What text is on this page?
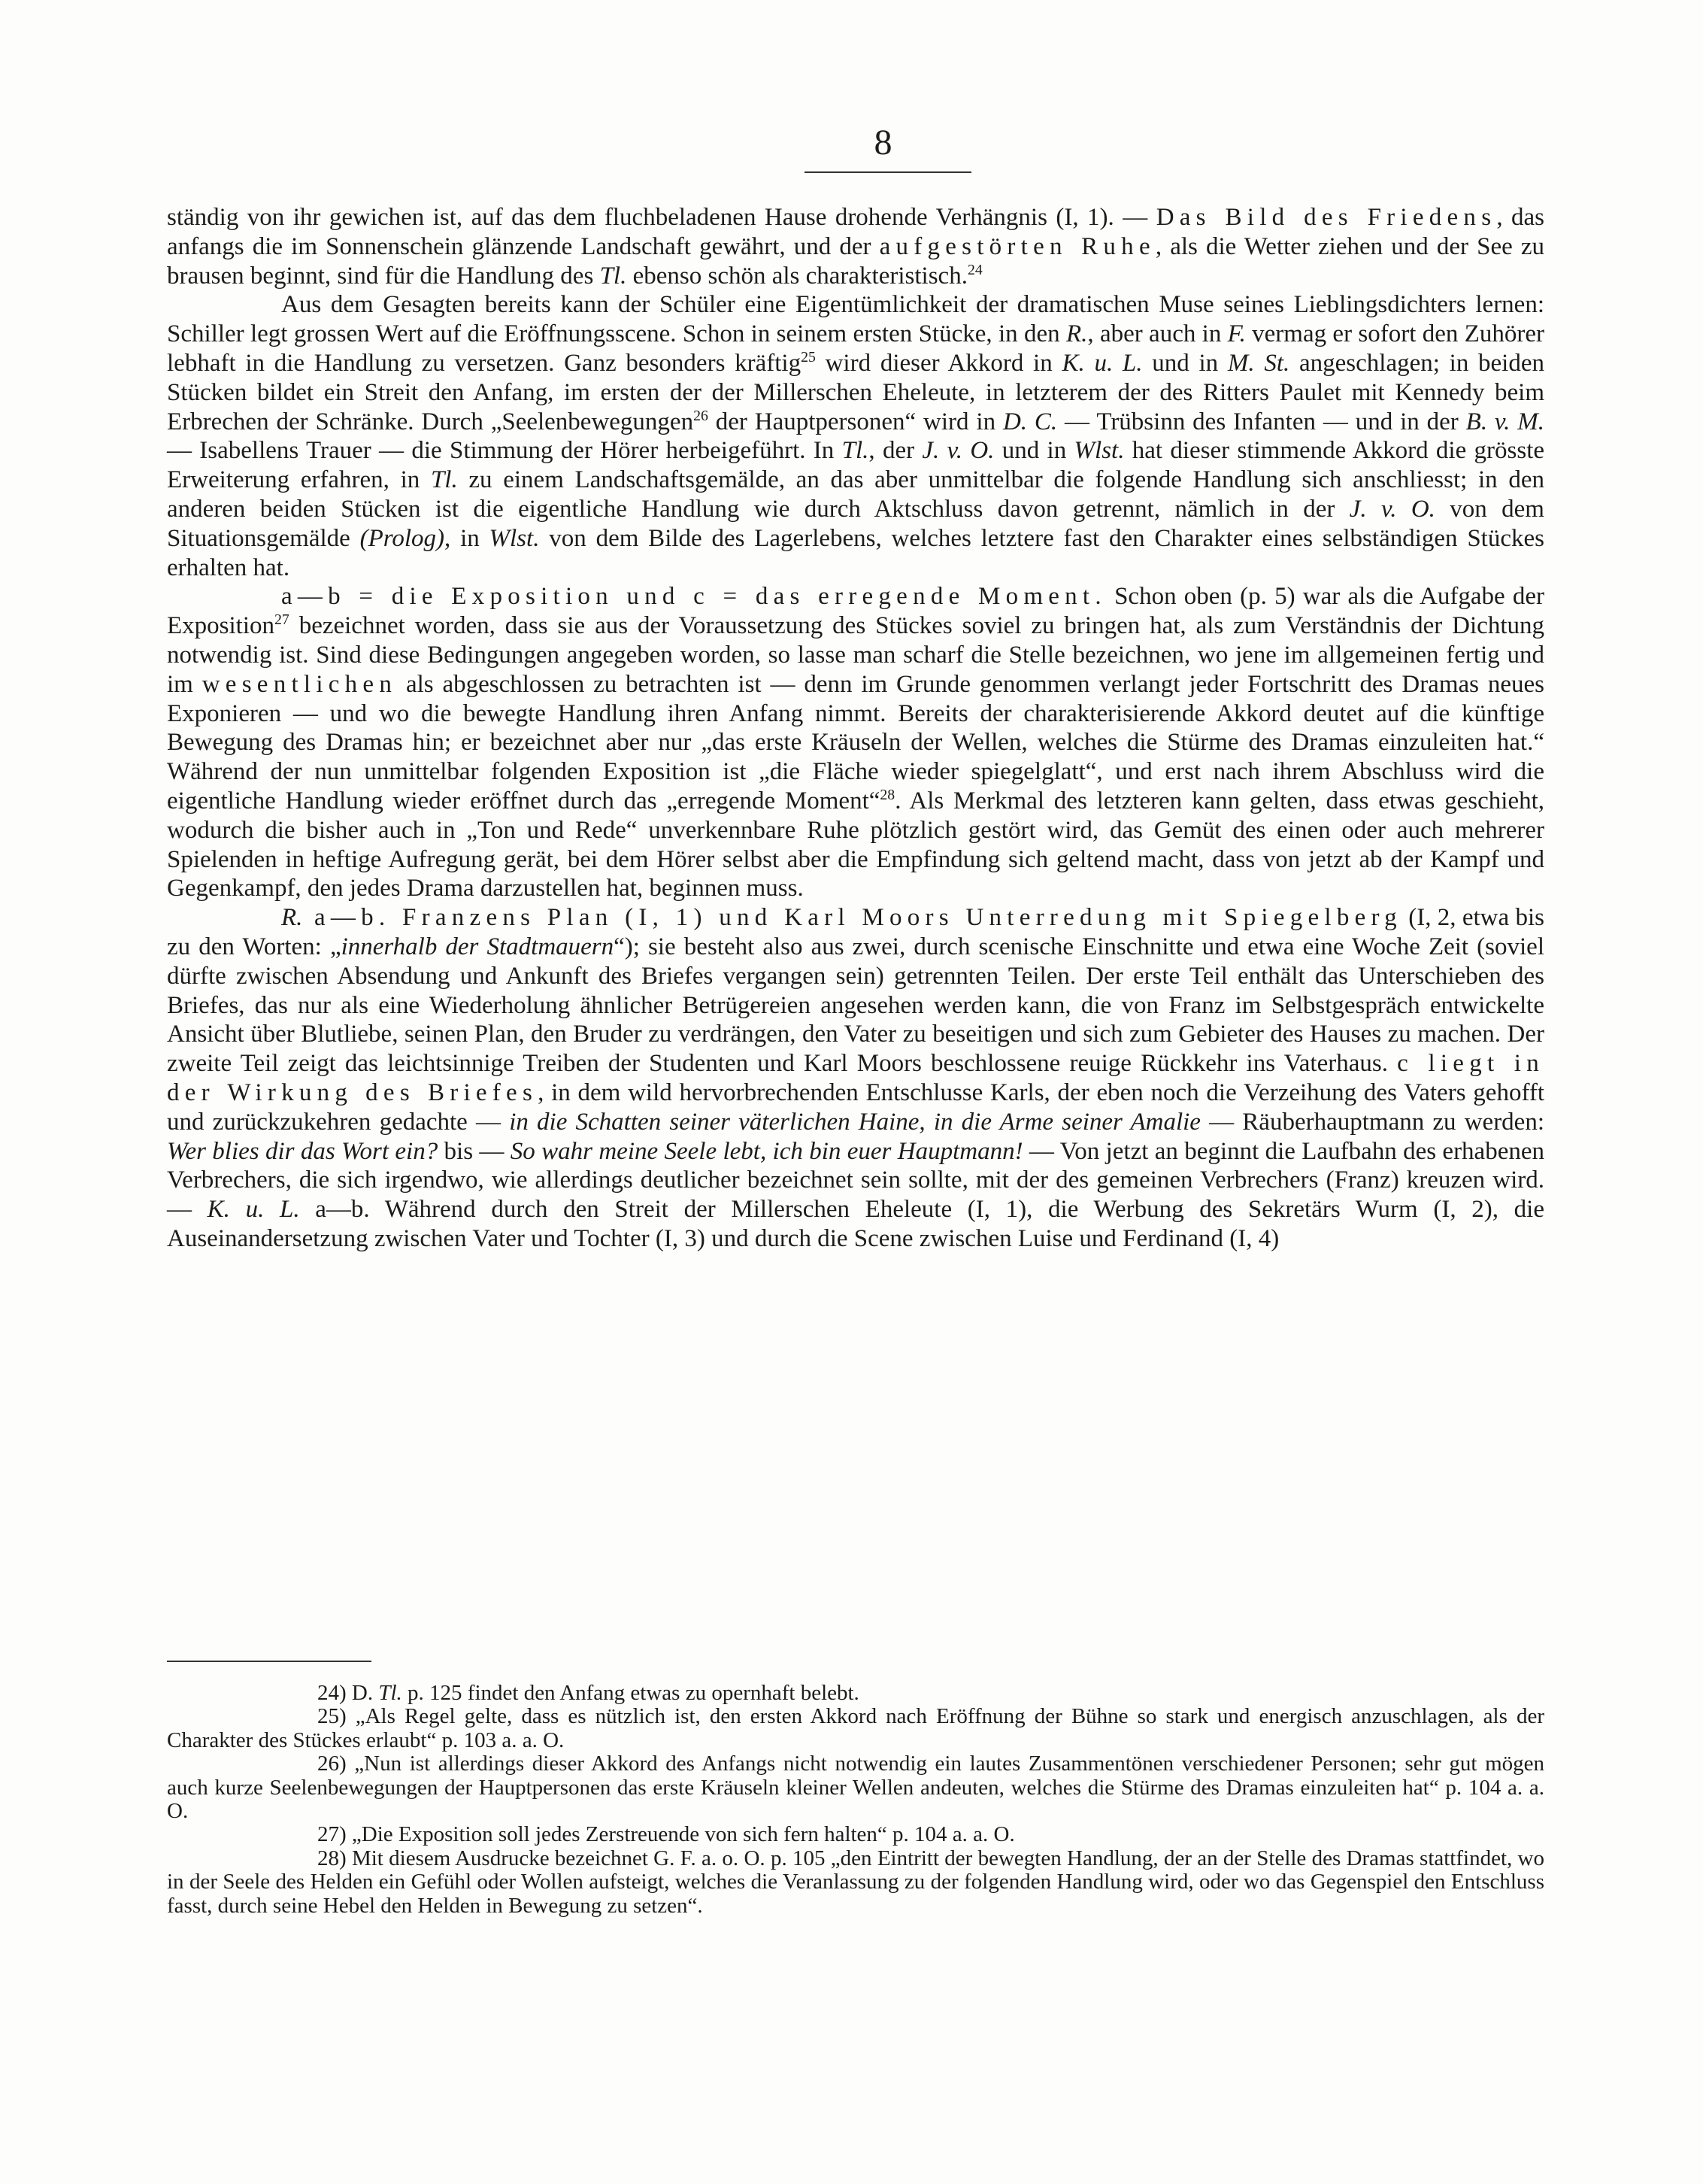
8

ständig von ihr gewichen ist, auf das dem fluchbeladenen Hause drohende Verhängnis (I, 1). — Das Bild des Friedens, das anfangs die im Sonnenschein glänzende Landschaft gewährt, und der aufgestörten Ruhe, als die Wetter ziehen und der See zu brausen beginnt, sind für die Handlung des Tl. ebenso schön als charakteristisch.$^{24}$

Aus dem Gesagten bereits kann der Schüler eine Eigentümlichkeit der dramatischen Muse seines Lieblingsdichters lernen: Schiller legt grossen Wert auf die Eröffnungsscene. Schon in seinem ersten Stücke, in den R., aber auch in F. vermag er sofort den Zuhörer lebhaft in die Handlung zu versetzen. Ganz besonders kräftig$^{25}$ wird dieser Akkord in K. u. L. und in M. St. angeschlagen; in beiden Stücken bildet ein Streit den Anfang, im ersten der der Millerschen Eheleute, in letzterem der des Ritters Paulet mit Kennedy beim Erbrechen der Schränke. Durch „Seelenbewegungen$^{26}$ der Hauptpersonen“ wird in D. C. — Trübsinn des Infanten — und in der B. v. M. — Isabellens Trauer — die Stimmung der Hörer herbeigeführt. In Tl., der J. v. O. und in Wlst. hat dieser stimmende Akkord die grösste Erweiterung erfahren, in Tl. zu einem Landschaftsgemälde, an das aber unmittelbar die folgende Handlung sich anschliesst; in den anderen beiden Stücken ist die eigentliche Handlung wie durch Aktschluss davon getrennt, nämlich in der J. v. O. von dem Situationsgemälde (Prolog), in Wlst. von dem Bilde des Lagerlebens, welches letztere fast den Charakter eines selbständigen Stückes erhalten hat.

a—b = die Exposition und c = das erregende Moment. Schon oben (p. 5) war als die Aufgabe der Exposition$^{27}$ bezeichnet worden, dass sie aus der Voraussetzung des Stückes soviel zu bringen hat, als zum Verständnis der Dichtung notwendig ist. Sind diese Bedingungen angegeben worden, so lasse man scharf die Stelle bezeichnen, wo jene im allgemeinen fertig und im wesentlichen als abgeschlossen zu betrachten ist — denn im Grunde genommen verlangt jeder Fortschritt des Dramas neues Exponieren — und wo die bewegte Handlung ihren Anfang nimmt. Bereits der charakterisierende Akkord deutet auf die künftige Bewegung des Dramas hin; er bezeichnet aber nur „das erste Kräuseln der Wellen, welches die Stürme des Dramas einzuleiten hat.“ Während der nun unmittelbar folgenden Exposition ist „die Fläche wieder spiegelglatt“, und erst nach ihrem Abschluss wird die eigentliche Handlung wieder eröffnet durch das „erregende Moment“$^{28}$. Als Merkmal des letzteren kann gelten, dass etwas geschieht, wodurch die bisher auch in „Ton und Rede“ unverkennbare Ruhe plötzlich gestört wird, das Gemüt des einen oder auch mehrerer Spielenden in heftige Aufregung gerät, bei dem Hörer selbst aber die Empfindung sich geltend macht, dass von jetzt ab der Kampf und Gegenkampf, den jedes Drama darzustellen hat, beginnen muss.

R. a—b. Franzens Plan (I, 1) und Karl Moors Unterredung mit Spiegelberg (I, 2, etwa bis zu den Worten: „innerhalb der Stadtmauern“); sie besteht also aus zwei, durch scenische Einschnitte und etwa eine Woche Zeit (soviel dürfte zwischen Absendung und Ankunft des Briefes vergangen sein) getrennten Teilen. Der erste Teil enthält das Unterschieben des Briefes, das nur als eine Wiederholung ähnlicher Betrügereien angesehen werden kann, die von Franz im Selbstgespräch entwickelte Ansicht über Blutliebe, seinen Plan, den Bruder zu verdrängen, den Vater zu beseitigen und sich zum Gebieter des Hauses zu machen. Der zweite Teil zeigt das leichtsinnige Treiben der Studenten und Karl Moors beschlossene reuige Rückkehr ins Vaterhaus. c liegt in der Wirkung des Briefes, in dem wild hervorbrechenden Entschlusse Karls, der eben noch die Verzeihung des Vaters gehofft und zurückzukehren gedachte — in die Schatten seiner väterlichen Haine, in die Arme seiner Amalie — Räuberhauptmann zu werden: Wer blies dir das Wort ein? bis — So wahr meine Seele lebt, ich bin euer Hauptmann! — Von jetzt an beginnt die Laufbahn des erhabenen Verbrechers, die sich irgendwo, wie allerdings deutlicher bezeichnet sein sollte, mit der des gemeinen Verbrechers (Franz) kreuzen wird. — K. u. L. a—b. Während durch den Streit der Millerschen Eheleute (I, 1), die Werbung des Sekretärs Wurm (I, 2), die Auseinandersetzung zwischen Vater und Tochter (I, 3) und durch die Scene zwischen Luise und Ferdinand (I, 4)

24) D. Tl. p. 125 findet den Anfang etwas zu opernhaft belebt.

25) „Als Regel gelte, dass es nützlich ist, den ersten Akkord nach Eröffnung der Bühne so stark und energisch anzuschlagen, als der Charakter des Stückes erlaubt“ p. 103 a. a. O.

26) „Nun ist allerdings dieser Akkord des Anfangs nicht notwendig ein lautes Zusammentönen verschiedener Personen; sehr gut mögen auch kurze Seelenbewegungen der Hauptpersonen das erste Kräuseln kleiner Wellen andeuten, welches die Stürme des Dramas einzuleiten hat“ p. 104 a. a. O.

27) „Die Exposition soll jedes Zerstreuende von sich fern halten“ p. 104 a. a. O.

28) Mit diesem Ausdrucke bezeichnet G. F. a. o. O. p. 105 „den Eintritt der bewegten Handlung, der an der Stelle des Dramas stattfindet, wo in der Seele des Helden ein Gefühl oder Wollen aufsteigt, welches die Veranlassung zu der folgenden Handlung wird, oder wo das Gegenspiel den Entschluss fasst, durch seine Hebel den Helden in Bewegung zu setzen“.
